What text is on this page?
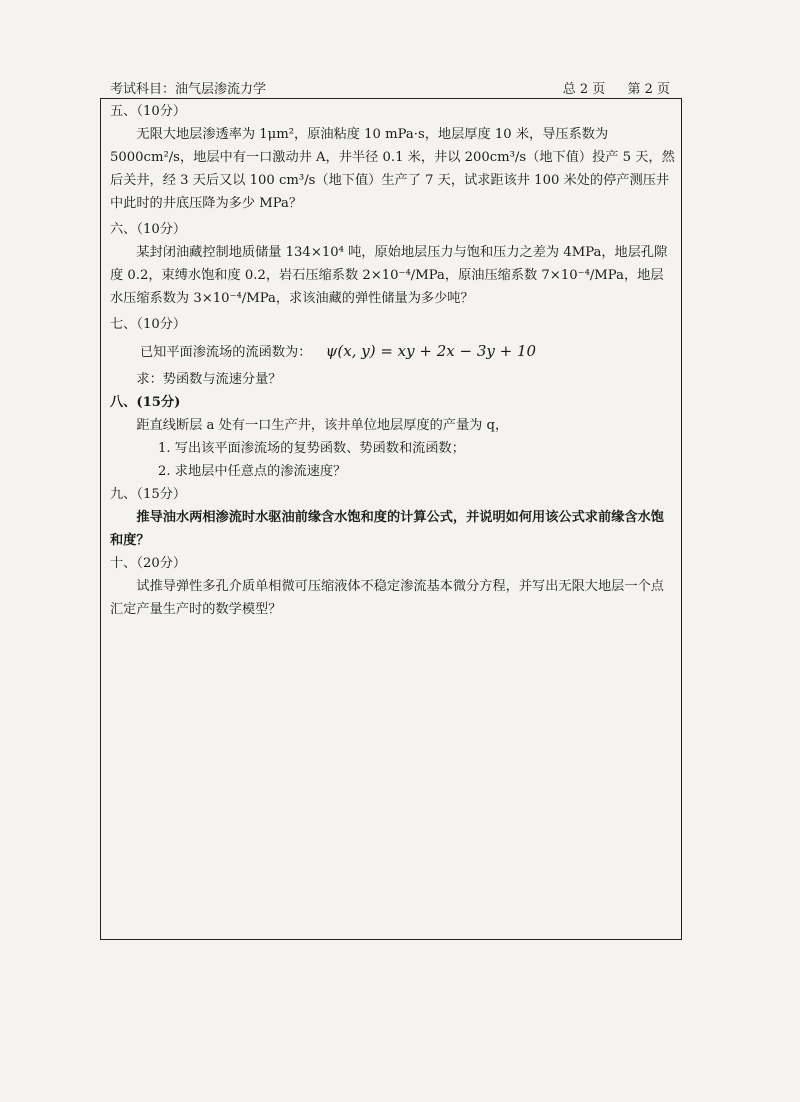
考试科目：油气层渗流力学	总 2 页 第 2 页

五、（10分）

无限大地层渗透率为 1μm²，原油粘度 10 mPa·s，地层厚度 10 米，导压系数为 5000cm²/s，地层中有一口激动井 A，井半径 0.1 米，井以 200cm³/s（地下值）投产 5 天，然后关井，经 3 天后又以 100 cm³/s（地下值）生产了 7 天，试求距该井 100 米处的停产测压井中此时的井底压降为多少 MPa？

六、（10分）

某封闭油藏控制地质储量 134×10⁴ 吨，原始地层压力与饱和压力之差为 4MPa，地层孔隙度 0.2，束缚水饱和度 0.2，岩石压缩系数 2×10⁻⁴/MPa，原油压缩系数 7×10⁻⁴/MPa，地层水压缩系数为 3×10⁻⁴/MPa，求该油藏的弹性储量为多少吨？

七、（10分）

已知平面渗流场的流函数为： ψ(x, y) = xy + 2x − 3y + 10

求：势函数与流速分量？

八、(15分)

距直线断层 a 处有一口生产井，该井单位地层厚度的产量为 q，

1. 写出该平面渗流场的复势函数、势函数和流函数；
2. 求地层中任意点的渗流速度？

九、（15分）

推导油水两相渗流时水驱油前缘含水饱和度的计算公式，并说明如何用该公式求前缘含水饱和度？

十、（20分）

试推导弹性多孔介质单相微可压缩液体不稳定渗流基本微分方程，并写出无限大地层一个点汇定产量生产时的数学模型？
